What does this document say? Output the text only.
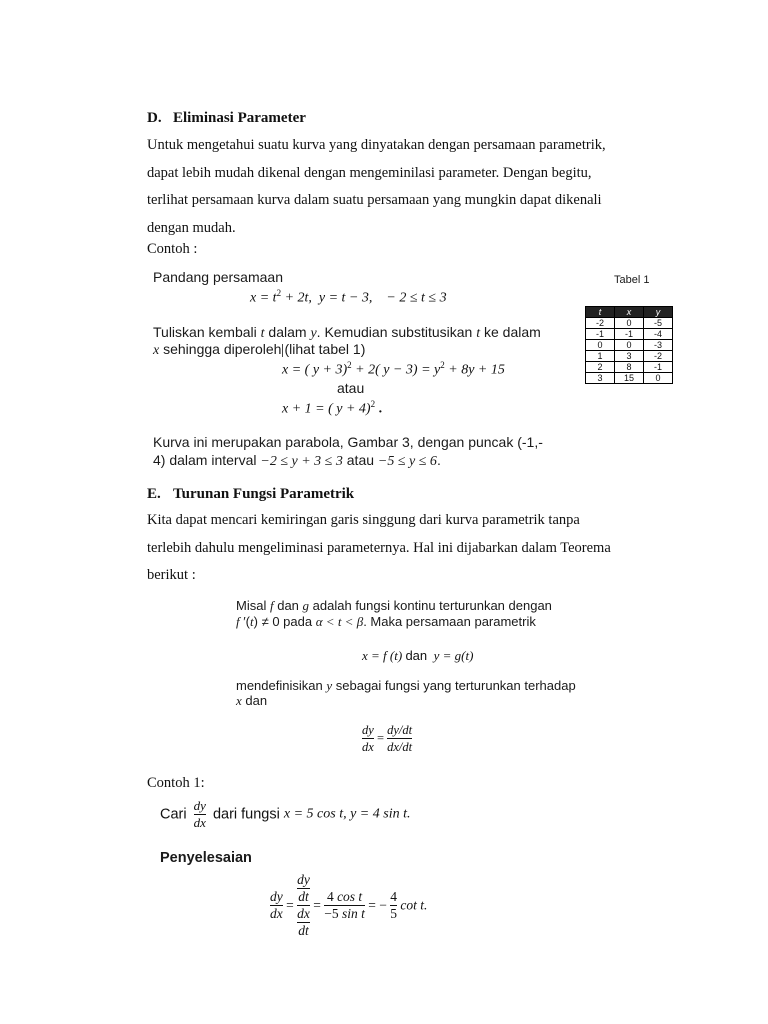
D. Eliminasi Parameter
Untuk mengetahui suatu kurva yang dinyatakan dengan persamaan parametrik,
dapat lebih mudah dikenal dengan mengeminilasi parameter. Dengan begitu,
terlihat persamaan kurva dalam suatu persamaan yang mungkin dapat dikenali
dengan mudah.
Contoh :
Pandang persamaan
$x = t^2 + 2t$,  y = t − 3,    − 2 ≤ t ≤ 3
Tuliskan kembali t dalam y. Kemudian substitusikan t ke dalam
x sehingga diperoleh (lihat tabel 1)
x = ( y + 3)$^2$ + 2( $y - 3) = y^2 + 8y + 15$
atau
x + 1 = ( y + 4)$^2$ .
Kurva ini merupakan parabola, Gambar 3, dengan puncak (-1,-
4) dalam interval −2 ≤ y + 3 ≤ 3 atau −5 ≤ y ≤ 6.
Tabel 1
t	x	y
-2	0	-5
-1	-1	-4
0	0	-3
1	3	-2
2	8	-1
3	15	0
E. Turunan Fungsi Parametrik
Kita dapat mencari kemiringan garis singgung dari kurva parametrik tanpa
terlebih dahulu mengeliminasi parameternya. Hal ini dijabarkan dalam Teorema
berikut :
Misal f dan g adalah fungsi kontinu terturunkan dengan
f ′(t) ≠ 0 pada α < t < β. Maka persamaan parametrik
x = f (t) dan  y = g(t)
mendefinisikan y sebagai fungsi yang terturunkan terhadap
x dan
$\frac{dy}{dx} = \frac{dy/dt}{dx/dt}$
Contoh 1:
Cari $\frac{dy}{dx}$ dari fungsi x = 5 cos t, y = 4 sin t.
Penyelesaian
$\frac{dy}{dx} = \frac{\frac{dy}{dt}}{\frac{dx}{dt}} = \frac{\text{4 cos t}}{\text{−5 sin t}}$ = − $\frac{4}{5}$ cot t.
